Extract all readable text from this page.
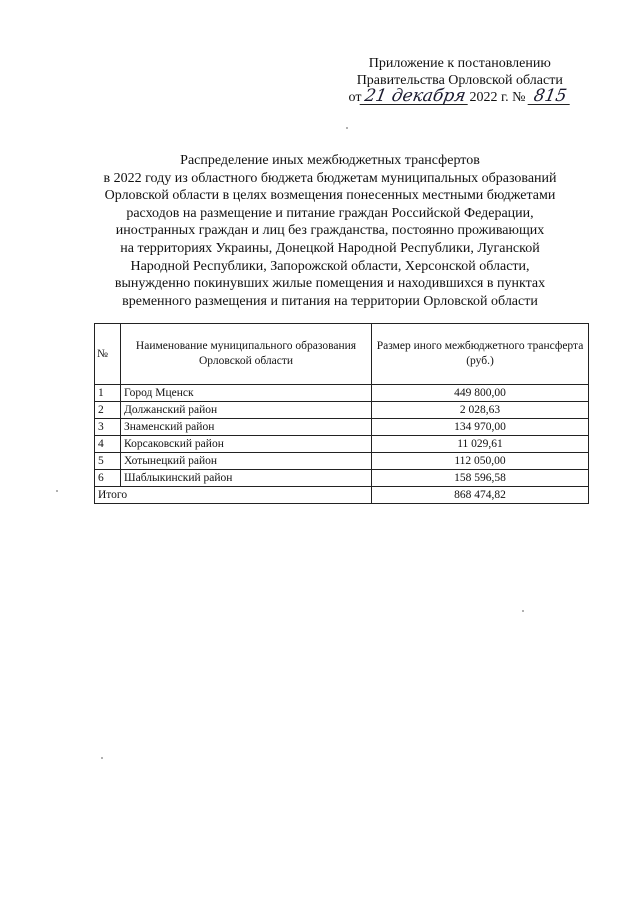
Приложение к постановлению
Правительства Орловской области
от 21 декабря 2022 г. № 815
Распределение иных межбюджетных трансфертов
в 2022 году из областного бюджета бюджетам муниципальных образований
Орловской области в целях возмещения понесенных местными бюджетами
расходов на размещение и питание граждан Российской Федерации,
иностранных граждан и лиц без гражданства, постоянно проживающих
на территориях Украины, Донецкой Народной Республики, Луганской
Народной Республики, Запорожской области, Херсонской области,
вынужденно покинувших жилые помещения и находившихся в пунктах
временного размещения и питания на территории Орловской области
№	Наименование муниципального образования Орловской области	Размер иного межбюджетного трансферта (руб.)
1	Город Мценск	449 800,00
2	Должанский район	2 028,63
3	Знаменский район	134 970,00
4	Корсаковский район	11 029,61
5	Хотынецкий район	112 050,00
6	Шаблыкинский район	158 596,58
Итого		868 474,82
